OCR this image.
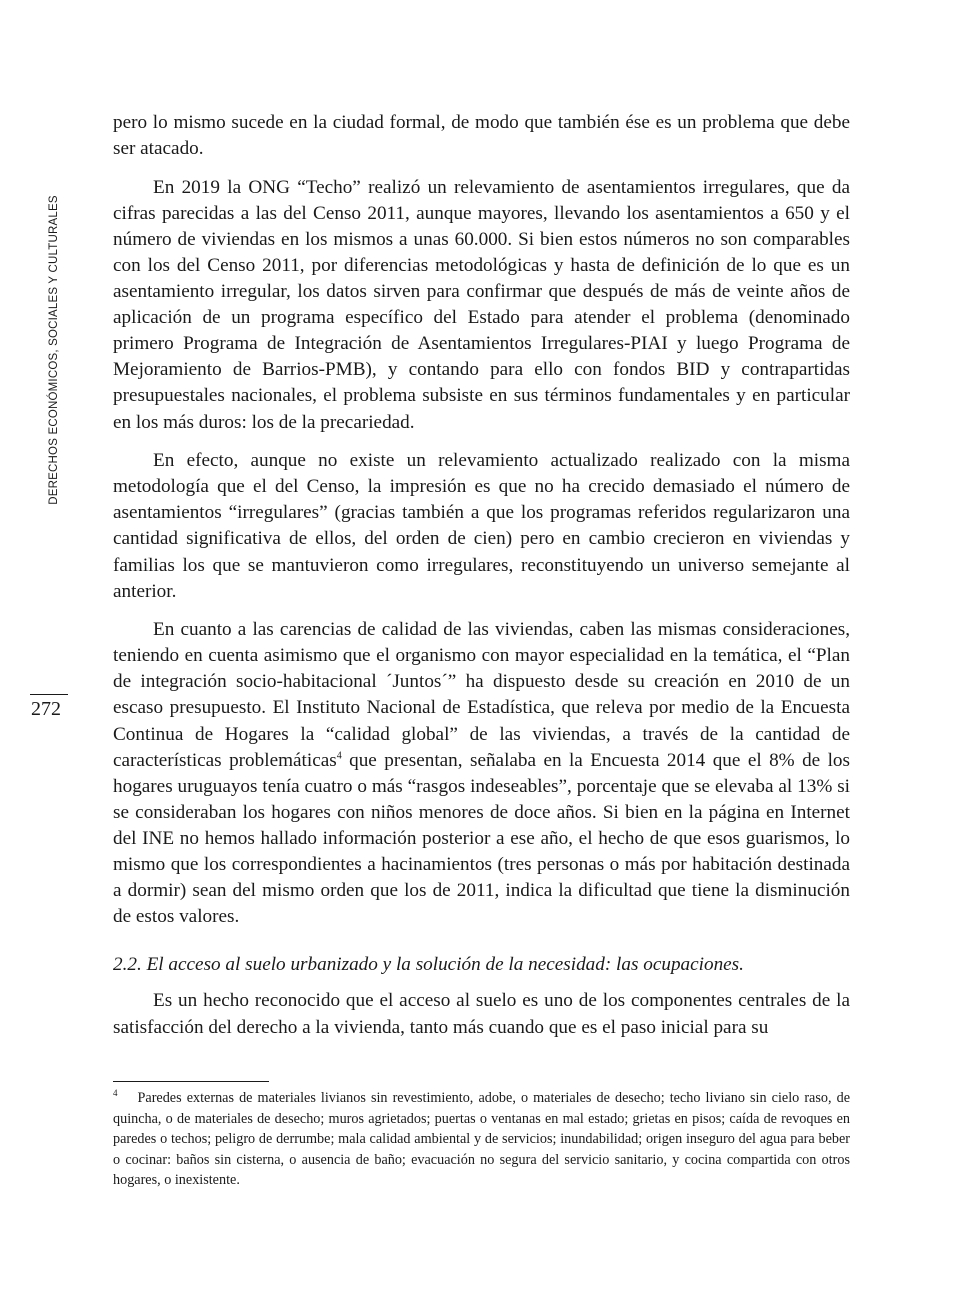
DERECHOS ECONÓMICOS, SOCIALES Y CULTURALES
272

pero lo mismo sucede en la ciudad formal, de modo que también ése es un problema que debe ser atacado.

En 2019 la ONG “Techo” realizó un relevamiento de asentamientos irregulares, que da cifras parecidas a las del Censo 2011, aunque mayores, llevando los asentamientos a 650 y el número de viviendas en los mismos a unas 60.000. Si bien estos números no son comparables con los del Censo 2011, por diferencias metodológicas y hasta de definición de lo que es un asentamiento irregular, los datos sirven para confirmar que después de más de veinte años de aplicación de un programa específico del Estado para atender el problema (denominado primero Programa de Integración de Asentamientos Irregulares-PIAI y luego Programa de Mejoramiento de Barrios-PMB), y contando para ello con fondos BID y contrapartidas presupuestales nacionales, el problema subsiste en sus términos fundamentales y en particular en los más duros: los de la precariedad.

En efecto, aunque no existe un relevamiento actualizado realizado con la misma metodología que el del Censo, la impresión es que no ha crecido demasiado el número de asentamientos “irregulares” (gracias también a que los programas referidos regularizaron una cantidad significativa de ellos, del orden de cien) pero en cambio crecieron en viviendas y familias los que se mantuvieron como irregulares, reconstituyendo un universo semejante al anterior.

En cuanto a las carencias de calidad de las viviendas, caben las mismas consideraciones, teniendo en cuenta asimismo que el organismo con mayor especialidad en la temática, el “Plan de integración socio-habitacional ´Juntos´” ha dispuesto desde su creación en 2010 de un escaso presupuesto. El Instituto Nacional de Estadística, que releva por medio de la Encuesta Continua de Hogares la “calidad global” de las viviendas, a través de la cantidad de características problemáticas$^4$ que presentan, señalaba en la Encuesta 2014 que el 8% de los hogares uruguayos tenía cuatro o más “rasgos indeseables”, porcentaje que se elevaba al 13% si se consideraban los hogares con niños menores de doce años. Si bien en la página en Internet del INE no hemos hallado información posterior a ese año, el hecho de que esos guarismos, lo mismo que los correspondientes a hacinamientos (tres personas o más por habitación destinada a dormir) sean del mismo orden que los de 2011, indica la dificultad que tiene la disminución de estos valores.

2.2. El acceso al suelo urbanizado y la solución de la necesidad: las ocupaciones.

Es un hecho reconocido que el acceso al suelo es uno de los componentes centrales de la satisfacción del derecho a la vivienda, tanto más cuando que es el paso inicial para su

$^4$ Paredes externas de materiales livianos sin revestimiento, adobe, o materiales de desecho; techo liviano sin cielo raso, de quincha, o de materiales de desecho; muros agrietados; puertas o ventanas en mal estado; grietas en pisos; caída de revoques en paredes o techos; peligro de derrumbe; mala calidad ambiental y de servicios; inundabilidad; origen inseguro del agua para beber o cocinar: baños sin cisterna, o ausencia de baño; evacuación no segura del servicio sanitario, y cocina compartida con otros hogares, o inexistente.
